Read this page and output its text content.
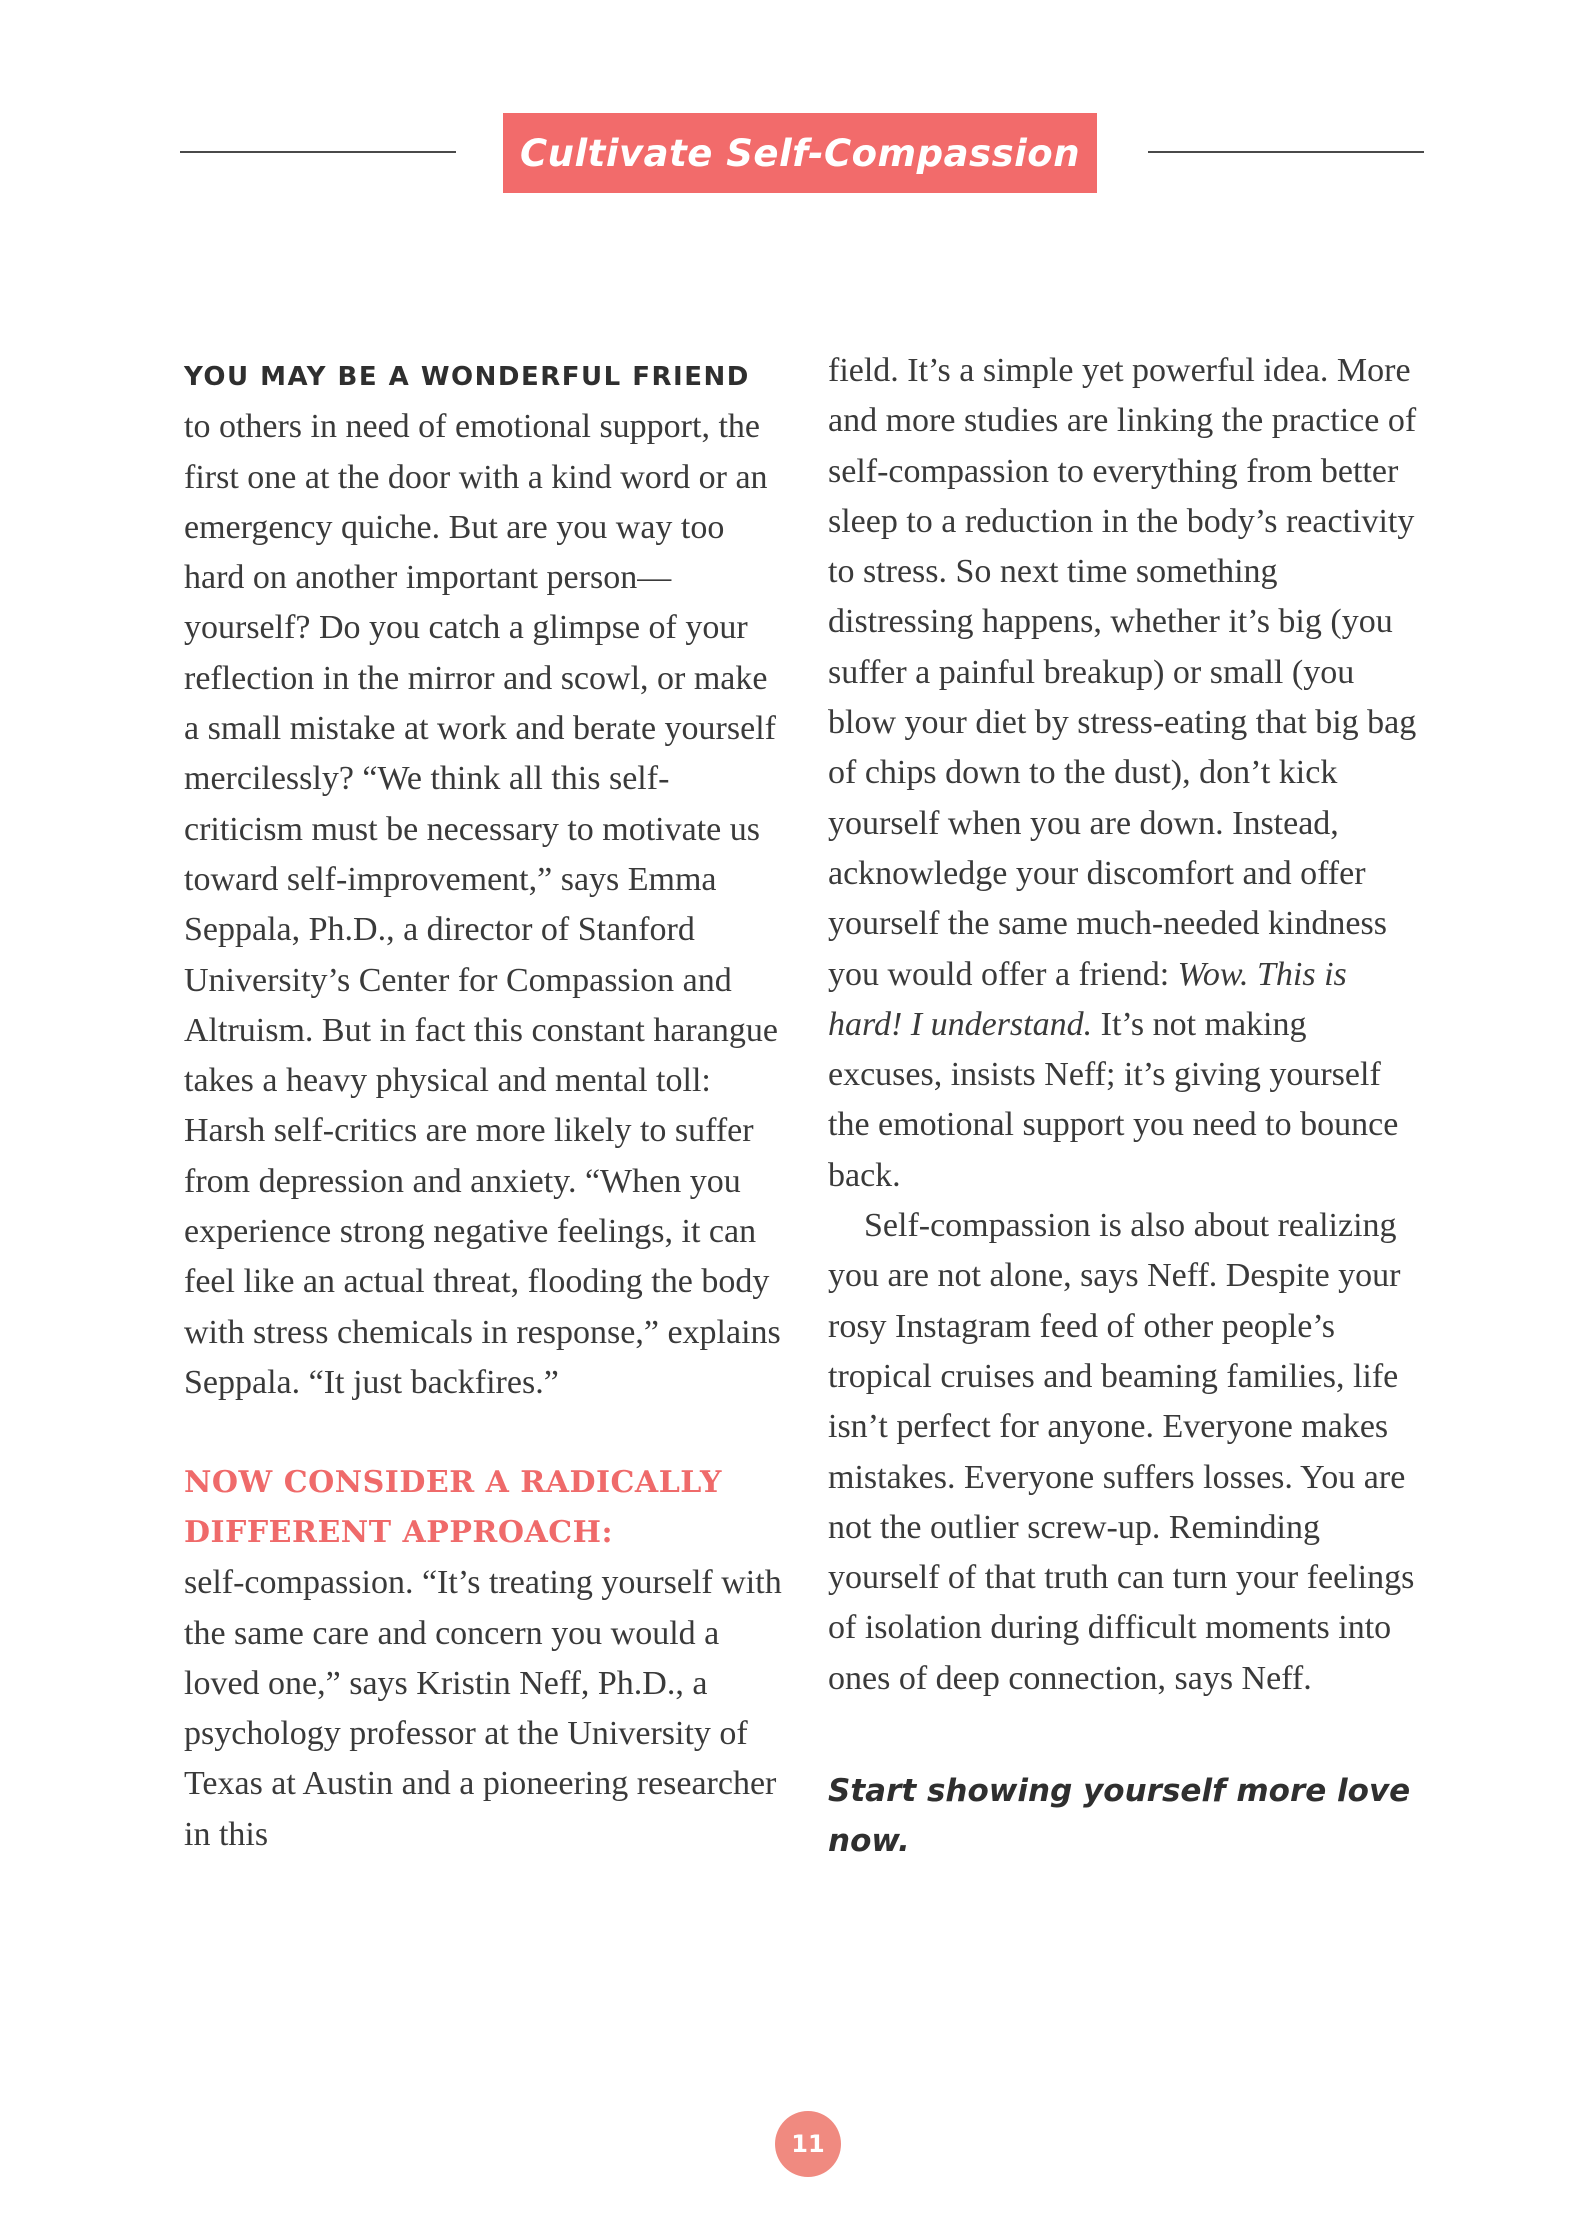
Cultivate Self-Compassion

YOU MAY BE A WONDERFUL FRIEND to others in need of emotional support, the first one at the door with a kind word or an emergency quiche. But are you way too hard on another important person—yourself? Do you catch a glimpse of your reflection in the mirror and scowl, or make a small mistake at work and berate yourself mercilessly? “We think all this self-criticism must be necessary to motivate us toward self-improvement,” says Emma Seppala, Ph.D., a director of Stanford University’s Center for Compassion and Altruism. But in fact this constant harangue takes a heavy physical and mental toll: Harsh self-critics are more likely to suffer from depression and anxiety. “When you experience strong negative feelings, it can feel like an actual threat, flooding the body with stress chemicals in response,” explains Seppala. “It just backfires.”

NOW CONSIDER A RADICALLY DIFFERENT APPROACH:

self-compassion. “It’s treating yourself with the same care and concern you would a loved one,” says Kristin Neff, Ph.D., a psychology professor at the University of Texas at Austin and a pioneering researcher in this

field. It’s a simple yet powerful idea. More and more studies are linking the practice of self-compassion to everything from better sleep to a reduction in the body’s reactivity to stress. So next time something distressing happens, whether it’s big (you suffer a painful breakup) or small (you blow your diet by stress-eating that big bag of chips down to the dust), don’t kick yourself when you are down. Instead, acknowledge your discomfort and offer yourself the same much-needed kindness you would offer a friend: Wow. This is hard! I understand. It’s not making excuses, insists Neff; it’s giving yourself the emotional support you need to bounce back.

Self-compassion is also about realizing you are not alone, says Neff. Despite your rosy Instagram feed of other people’s tropical cruises and beaming families, life isn’t perfect for anyone. Everyone makes mistakes. Everyone suffers losses. You are not the outlier screw-up. Reminding yourself of that truth can turn your feelings of isolation during difficult moments into ones of deep connection, says Neff.

Start showing yourself more love now.

11
